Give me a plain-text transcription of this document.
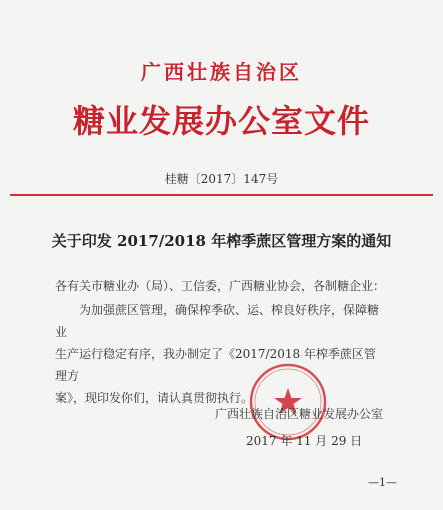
广西壮族自治区
糖业发展办公室文件
桂糖〔2017〕147号
关于印发 2017/2018 年榨季蔗区管理方案的通知
各有关市糖业办（局）、工信委，广西糖业协会，各制糖企业：
为加强蔗区管理，确保榨季砍、运、榨良好秩序，保障糖业
生产运行稳定有序，我办制定了《2017/2018 年榨季蔗区管理方
案》，现印发你们，请认真贯彻执行。
广西壮族自治区糖业发展办公室
2017 年 11 月 29 日
—1—
